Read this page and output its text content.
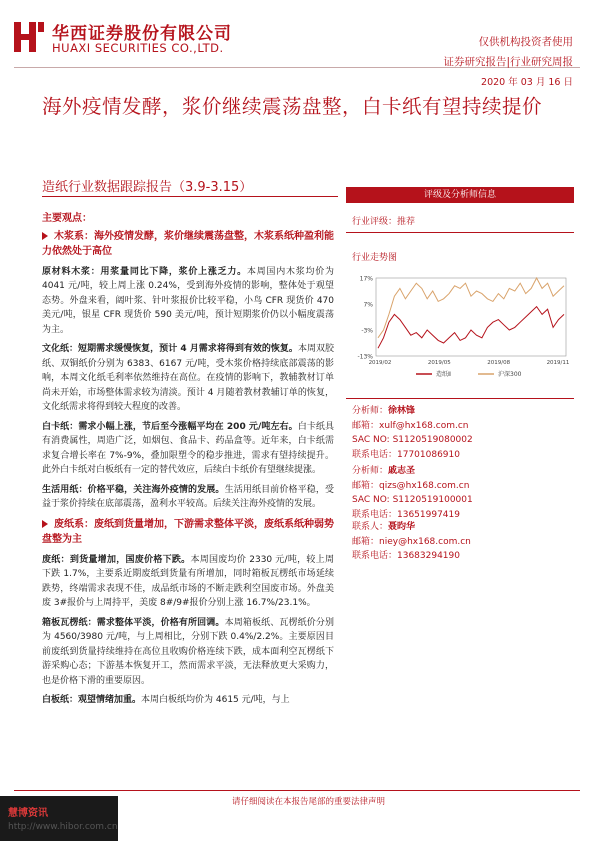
华西证券股份有限公司
HUAXI SECURITIES CO.,LTD.	仅供机构投资者使用
证券研究报告|行业研究周报
2020 年 03 月 16 日
海外疫情发酵，浆价继续震荡盘整，白卡纸有望持续提价
造纸行业数据跟踪报告（3.9-3.15）
主要观点：
木浆系：海外疫情发酵，浆价继续震荡盘整，木浆系纸种盈利能力依然处于高位

原材料木浆：用浆量同比下降，浆价上涨乏力。本周国内木浆均价为 4041 元/吨，较上周上涨 0.24%，受到海外疫情的影响，整体处于观望态势。外盘来看，阔叶浆、针叶浆报价比较平稳，小鸟 CFR 现货价 470 美元/吨，银星 CFR 现货价 590 美元/吨，预计短期浆价仍以小幅度震荡为主。

文化纸：短期需求缓慢恢复，预计 4 月需求将得到有效的恢复。本周双胶纸、双铜纸价分别为 6383、6167 元/吨，受木浆价格持续底部震荡的影响，本周文化纸毛利率依然维持在高位。在疫情的影响下，教辅教材订单尚未开始，市场整体需求较为清淡。预计 4 月随着教材教辅订单的恢复，文化纸需求将得到较大程度的改善。

白卡纸：需求小幅上涨，节后至今涨幅平均在 200 元/吨左右。白卡纸具有消费属性，周造广泛，如烟包、食品卡、药品盒等。近年来，白卡纸需求复合增长率在 7%-9%，叠加限塑令的稳步推进，需求有望持续提升。此外白卡纸对白板纸有一定的替代效应，后续白卡纸价有望继续提涨。

生活用纸：价格平稳，关注海外疫情的发展。生活用纸目前价格平稳，受益于浆价持续在底部震荡，盈利水平较高。后续关注海外疫情的发展。

废纸系：废纸到货量增加，下游需求整体平淡，废纸系纸种弱势盘整为主

废纸：到货量增加，国废价格下跌。本周国废均价 2330 元/吨，较上周下跌 1.7%，主要系近期废纸到货量有所增加，同时箱板瓦楞纸市场延续跌势，终端需求表现不佳，成品纸市场的不断走跌利空国废市场。外盘美废 3#报价与上周持平，美废 8#/9#报价分别上涨 16.7%/23.1%。

箱板瓦楞纸：需求整体平淡，价格有所回调。本周箱板纸、瓦楞纸价分别为 4560/3980 元/吨，与上周相比，分别下跌 0.4%/2.2%。主要原因目前废纸到货量持续维持在高位且收购价格连续下跌，成本面利空瓦楞纸下游采购心态；下游基本恢复开工，然而需求平淡，无法释放更大采购力，也是价格下滑的重要原因。

白板纸：观望情绪加重。本周白板纸均价为 4615 元/吨，与上

评级及分析师信息
行业评级：推荐
行业走势图
17%
7%
-3%
-13%
2019/02	2019/05	2019/08	2019/11
造纸Ⅱ	沪深300
分析师：徐林锋
邮箱：xulf@hx168.com.cn
SAC NO: S1120519080002
联系电话：17701086910
分析师：戚志圣
邮箱：qizs@hx168.com.cn
SAC NO: S1120519100001
联系电话：13651997419
联系人：聂昀华
邮箱：niey@hx168.com.cn
联系电话：13683294190
请仔细阅读在本报告尾部的重要法律声明
慧博资讯
http://www.hibor.com.cn
